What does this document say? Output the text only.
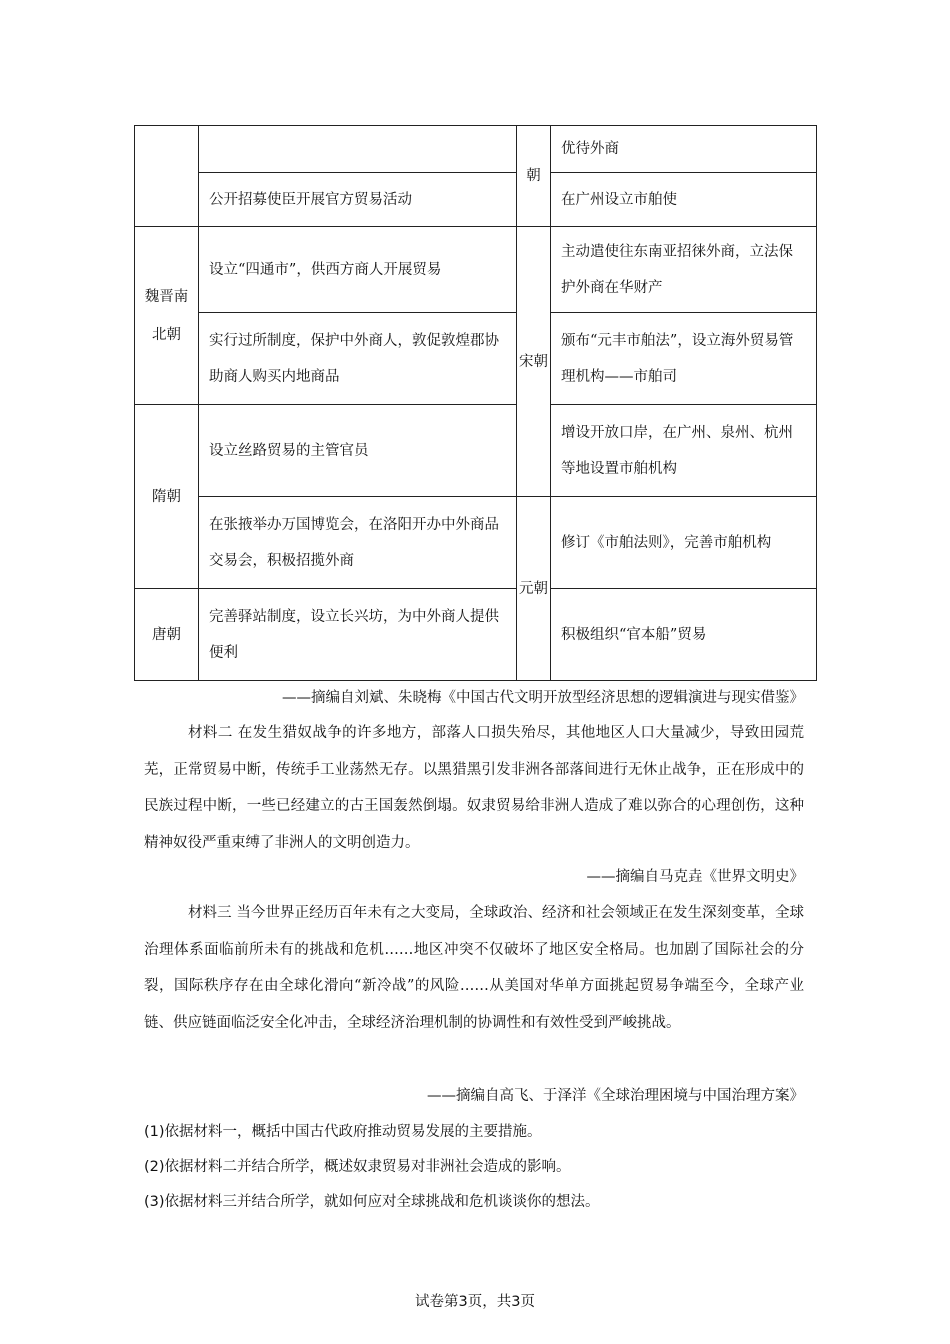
		朝	优待外商
	公开招募使臣开展官方贸易活动		在广州设立市舶使
魏晋南北朝	设立“四通市”，供西方商人开展贸易	宋朝	主动遣使往东南亚招徕外商，立法保护外商在华财产
	实行过所制度，保护中外商人，敦促敦煌郡协助商人购买内地商品		颁布“元丰市舶法”，设立海外贸易管理机构——市舶司
隋朝	设立丝路贸易的主管官员		增设开放口岸，在广州、泉州、杭州等地设置市舶机构
	在张掖举办万国博览会，在洛阳开办中外商品交易会，积极招揽外商	元朝	修订《市舶法则》，完善市舶机构
唐朝	完善驿站制度，设立长兴坊，为中外商人提供便利		积极组织“官本船”贸易
——摘编自刘斌、朱晓梅《中国古代文明开放型经济思想的逻辑演进与现实借鉴》

材料二 在发生猎奴战争的许多地方，部落人口损失殆尽，其他地区人口大量减少，导致田园荒芜，正常贸易中断，传统手工业荡然无存。以黑猎黑引发非洲各部落间进行无休止战争，正在形成中的民族过程中断，一些已经建立的古王国轰然倒塌。奴隶贸易给非洲人造成了难以弥合的心理创伤，这种精神奴役严重束缚了非洲人的文明创造力。

——摘编自马克垚《世界文明史》

材料三 当今世界正经历百年未有之大变局，全球政治、经济和社会领域正在发生深刻变革，全球治理体系面临前所未有的挑战和危机……地区冲突不仅破坏了地区安全格局。也加剧了国际社会的分裂，国际秩序存在由全球化滑向“新冷战”的风险……从美国对华单方面挑起贸易争端至今，全球产业链、供应链面临泛安全化冲击，全球经济治理机制的协调性和有效性受到严峻挑战。

——摘编自高飞、于泽洋《全球治理困境与中国治理方案》
(1)依据材料一，概括中国古代政府推动贸易发展的主要措施。
(2)依据材料二并结合所学，概述奴隶贸易对非洲社会造成的影响。
(3)依据材料三并结合所学，就如何应对全球挑战和危机谈谈你的想法。
试卷第3页，共3页
